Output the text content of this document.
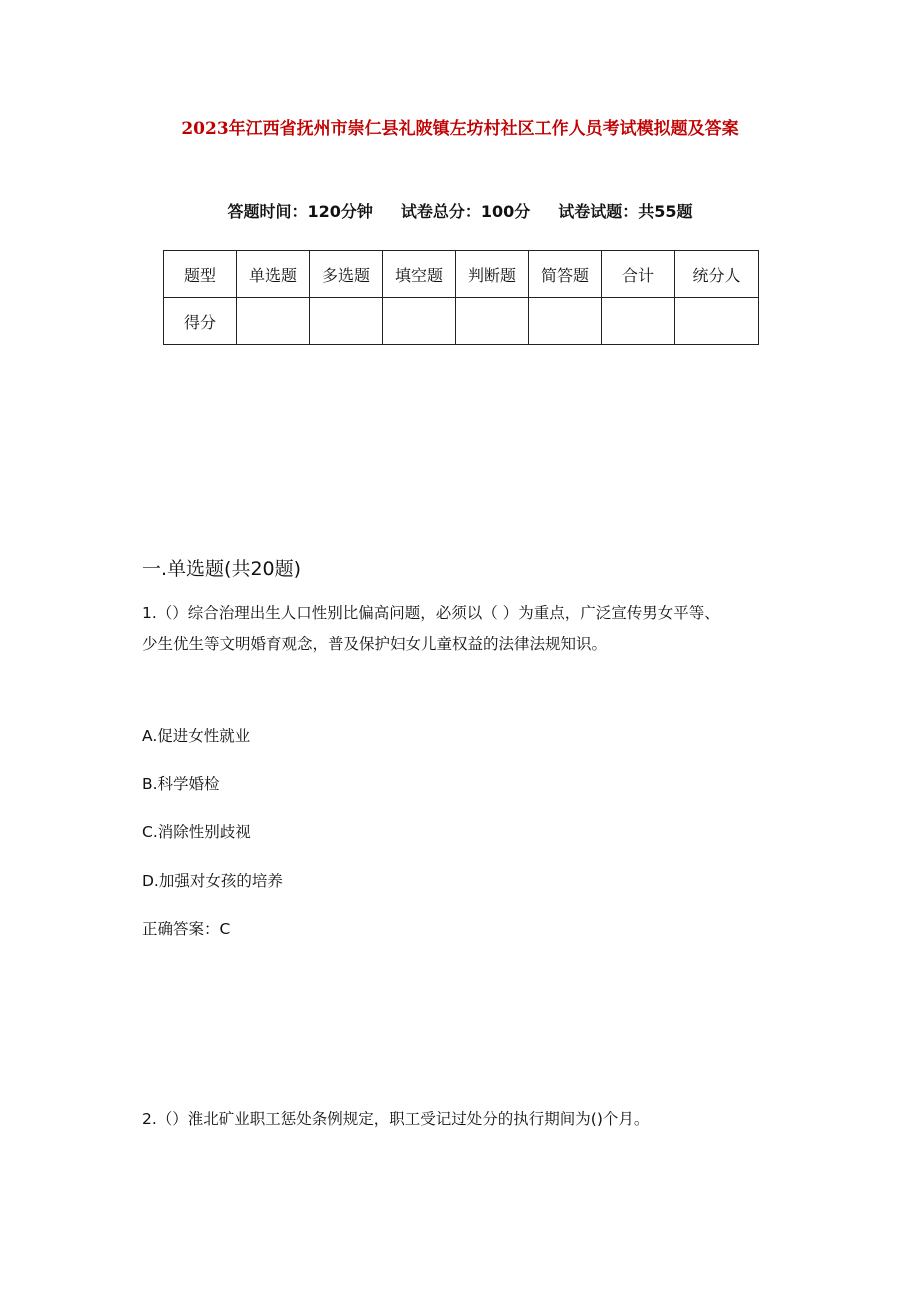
2023年江西省抚州市崇仁县礼陂镇左坊村社区工作人员考试模拟题及答案
答题时间：120分钟 试卷总分：100分 试卷试题：共55题
题型	单选题	多选题	填空题	判断题	简答题	合计	统分人
得分							
一.单选题(共20题)
1.（）综合治理出生人口性别比偏高问题，必须以（ ）为重点，广泛宣传男女平等、
少生优生等文明婚育观念，普及保护妇女儿童权益的法律法规知识。
A.促进女性就业
B.科学婚检
C.消除性别歧视
D.加强对女孩的培养
正确答案：C
2.（）淮北矿业职工惩处条例规定，职工受记过处分的执行期间为()个月。
